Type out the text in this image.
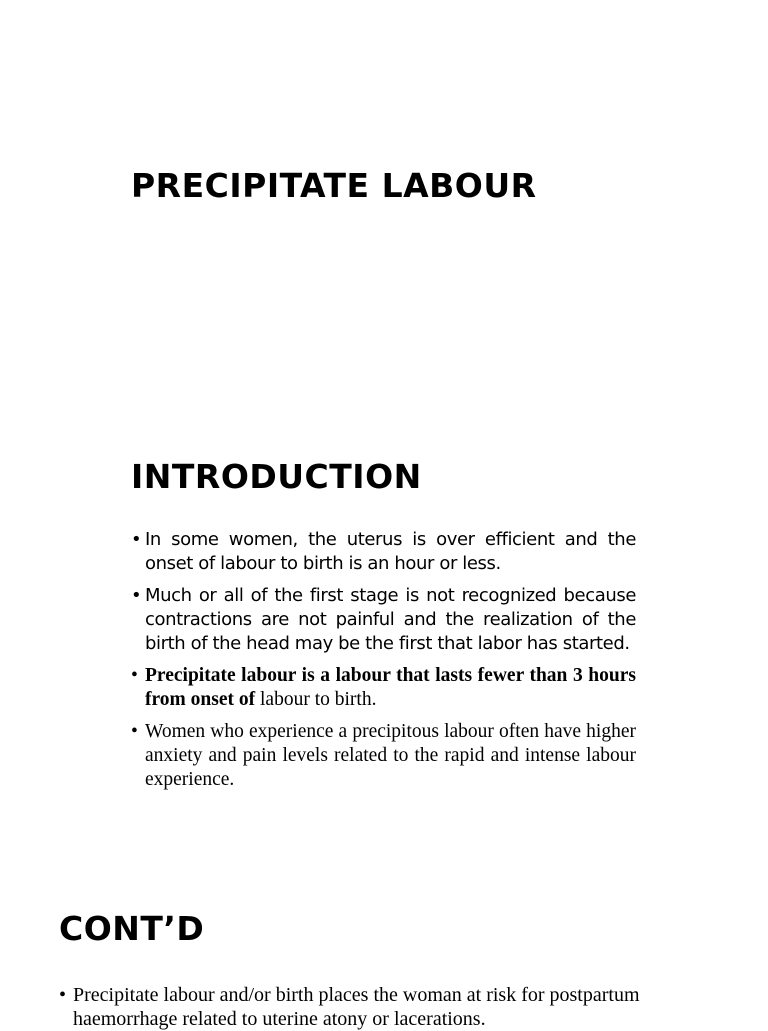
PRECIPITATE LABOUR
INTRODUCTION
• In some women, the uterus is over efficient and the onset of labour to birth is an hour or less.
• Much or all of the first stage is not recognized because contractions are not painful and the realization of the birth of the head may be the first that labor has started.
• Precipitate labour is a labour that lasts fewer than 3 hours from onset of labour to birth.
• Women who experience a precipitous labour often have higher anxiety and pain levels related to the rapid and intense labour experience.
CONT’D
• Precipitate labour and/or birth places the woman at risk for postpartum haemorrhage related to uterine atony or lacerations.
